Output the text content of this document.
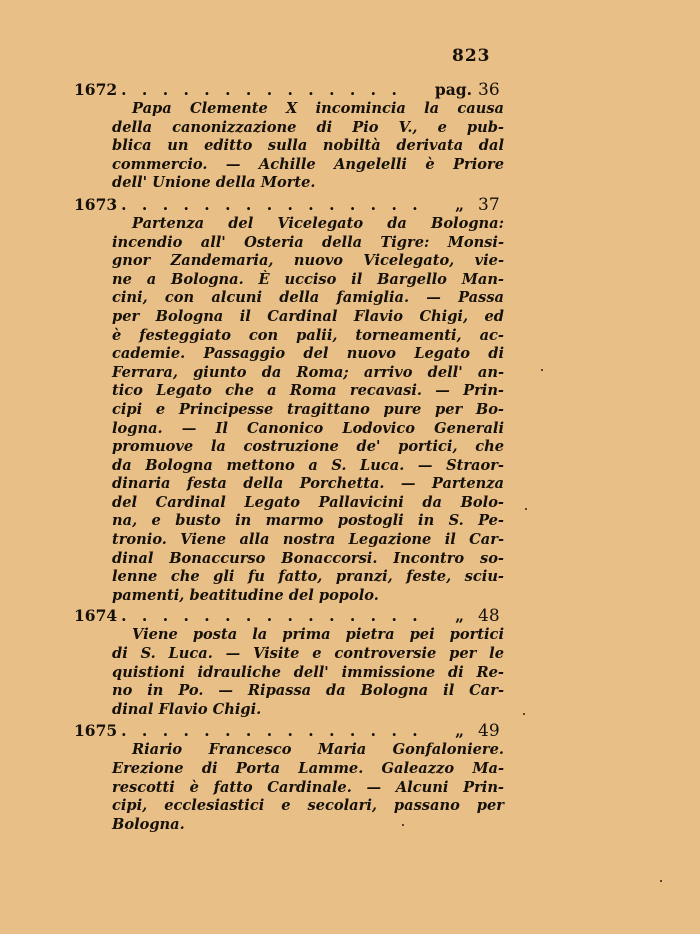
823
1672 . . . . . . . . . . . . . . pag. 36
Papa Clemente X incomincia la causa
della canonizzazione di Pio V., e pub-
blica un editto sulla nobiltà derivata dal
commercio. — Achille Angelelli è Priore
dell' Unione della Morte.
1673 . . . . . . . . . . . . . . . „ 37
Partenza del Vicelegato da Bologna:
incendio all' Osteria della Tigre: Monsi-
gnor Zandemaria, nuovo Vicelegato, vie-
ne a Bologna. È ucciso il Bargello Man-
cini, con alcuni della famiglia. — Passa
per Bologna il Cardinal Flavio Chigi, ed
è festeggiato con palii, torneamenti, ac-
cademie. Passaggio del nuovo Legato di
Ferrara, giunto da Roma; arrivo dell' an-
tico Legato che a Roma recavasi. — Prin-
cipi e Principesse tragittano pure per Bo-
logna. — Il Canonico Lodovico Generali
promuove la costruzione de' portici, che
da Bologna mettono a S. Luca. — Straor-
dinaria festa della Porchetta. — Partenza
del Cardinal Legato Pallavicini da Bolo-
na, e busto in marmo postogli in S. Pe-
tronio. Viene alla nostra Legazione il Car-
dinal Bonaccurso Bonaccorsi. Incontro so-
lenne che gli fu fatto, pranzi, feste, sciu-
pamenti, beatitudine del popolo.
1674 . . . . . . . . . . . . . . . „ 48
Viene posta la prima pietra pei portici
di S. Luca. — Visite e controversie per le
quistioni idrauliche dell' immissione di Re-
no in Po. — Ripassa da Bologna il Car-
dinal Flavio Chigi.
1675 . . . . . . . . . . . . . . . „ 49
Riario Francesco Maria Gonfaloniere.
Erezione di Porta Lamme. Galeazzo Ma-
rescotti è fatto Cardinale. — Alcuni Prin-
cipi, ecclesiastici e secolari, passano per
Bologna.
